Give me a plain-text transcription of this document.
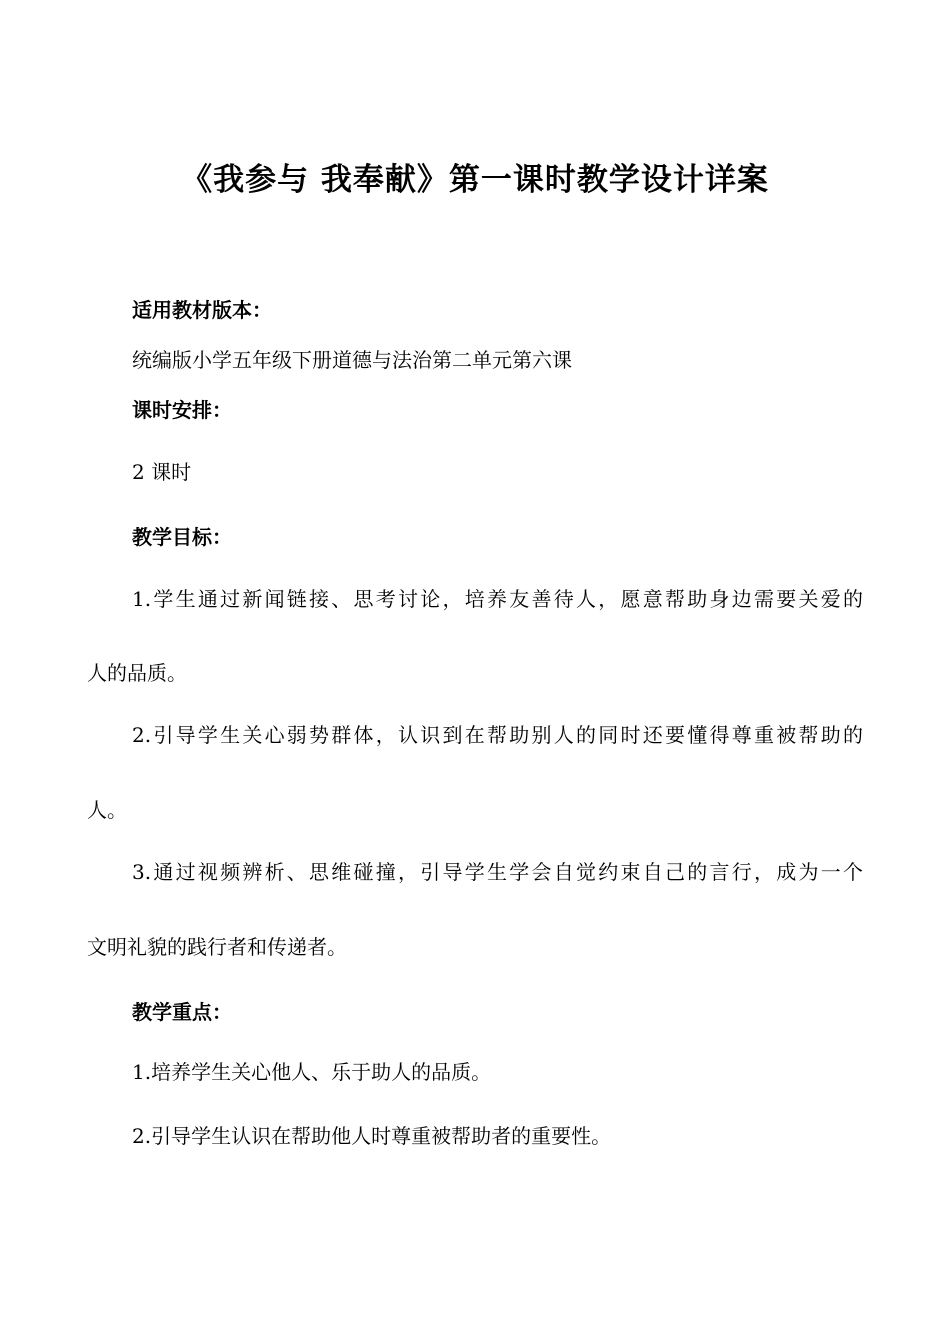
《我参与 我奉献》第一课时教学设计详案
适用教材版本：
统编版小学五年级下册道德与法治第二单元第六课
课时安排：
2 课时
教学目标：
1.学生通过新闻链接、思考讨论，培养友善待人，愿意帮助身边需要关爱的
人的品质。
2.引导学生关心弱势群体，认识到在帮助别人的同时还要懂得尊重被帮助的
人。
3.通过视频辨析、思维碰撞，引导学生学会自觉约束自己的言行，成为一个
文明礼貌的践行者和传递者。
教学重点：
1.培养学生关心他人、乐于助人的品质。
2.引导学生认识在帮助他人时尊重被帮助者的重要性。
